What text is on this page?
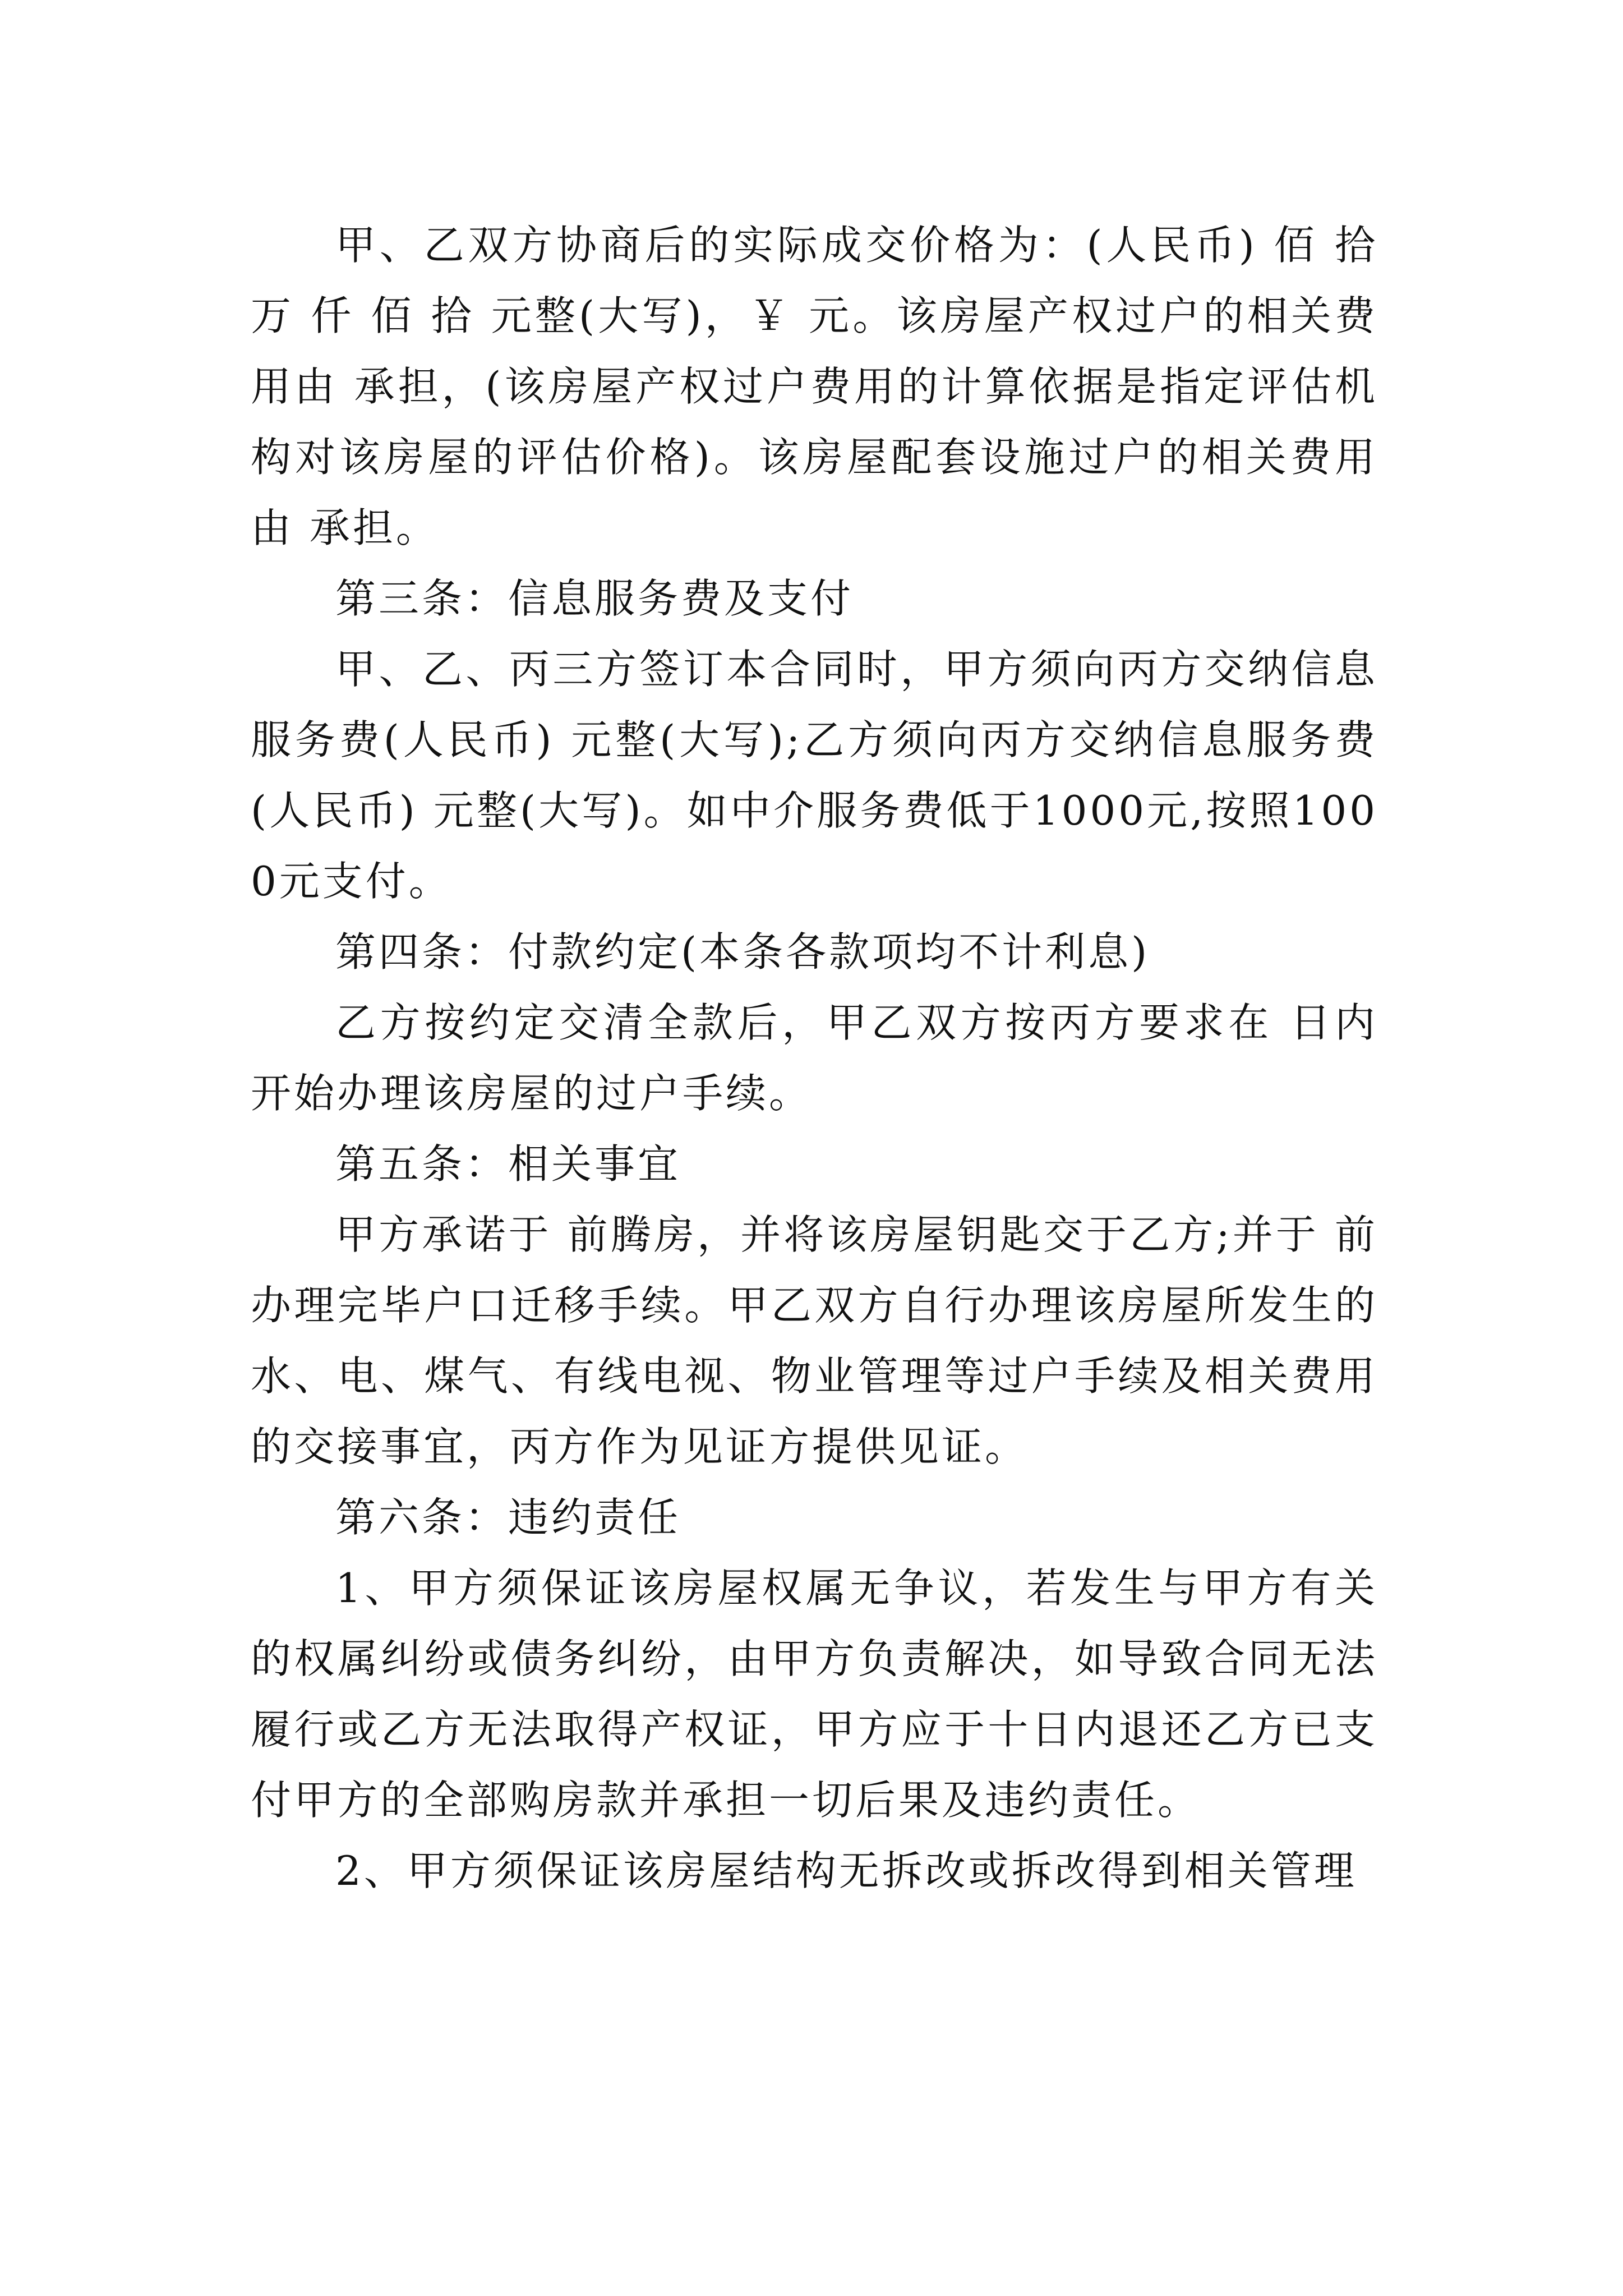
甲、乙双方协商后的实际成交价格为：(人民币) 佰 拾万 仟 佰 拾 元整(大写)，￥ 元。该房屋产权过户的相关费用由 承担，(该房屋产权过户费用的计算依据是指定评估机构对该房屋的评估价格)。该房屋配套设施过户的相关费用由 承担。

第三条：信息服务费及支付

甲、乙、丙三方签订本合同时，甲方须向丙方交纳信息服务费(人民币) 元整(大写);乙方须向丙方交纳信息服务费(人民币) 元整(大写)。如中介服务费低于1000元,按照1000元支付。

第四条：付款约定(本条各款项均不计利息)

乙方按约定交清全款后，甲乙双方按丙方要求在 日内开始办理该房屋的过户手续。

第五条：相关事宜

甲方承诺于 前腾房，并将该房屋钥匙交于乙方;并于 前办理完毕户口迁移手续。甲乙双方自行办理该房屋所发生的水、电、煤气、有线电视、物业管理等过户手续及相关费用的交接事宜，丙方作为见证方提供见证。

第六条：违约责任

1、甲方须保证该房屋权属无争议，若发生与甲方有关的权属纠纷或债务纠纷，由甲方负责解决，如导致合同无法履行或乙方无法取得产权证，甲方应于十日内退还乙方已支付甲方的全部购房款并承担一切后果及违约责任。

2、甲方须保证该房屋结构无拆改或拆改得到相关管理
